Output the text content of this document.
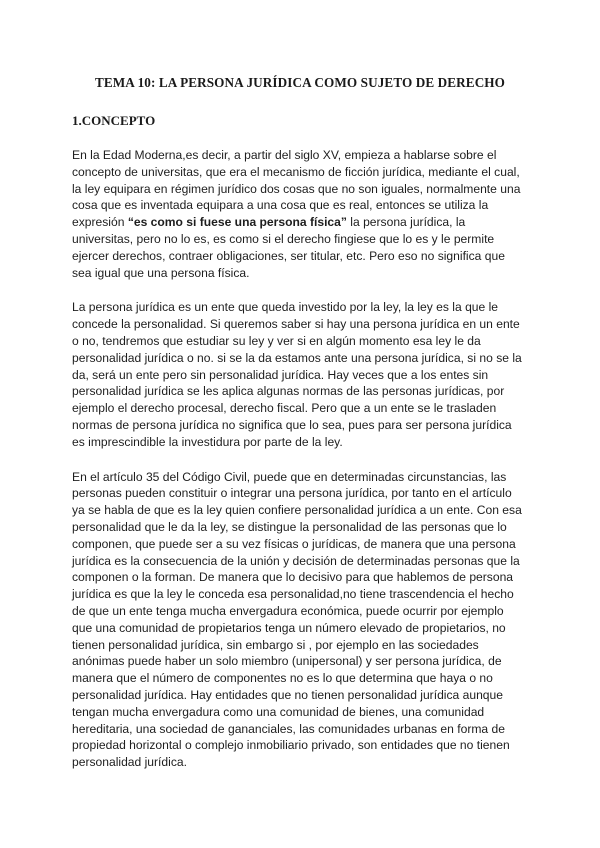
TEMA 10: LA PERSONA JURÍDICA COMO SUJETO DE DERECHO
1.CONCEPTO

En la Edad Moderna,es decir, a partir del siglo XV, empieza a hablarse sobre el
concepto de universitas, que era el mecanismo de ficción jurídica, mediante el cual,
la ley equipara en régimen jurídico dos cosas que no son iguales, normalmente una
cosa que es inventada equipara a una cosa que es real, entonces se utiliza la
expresión “es como si fuese una persona física” la persona jurídica, la
universitas, pero no lo es, es como si el derecho fingiese que lo es y le permite
ejercer derechos, contraer obligaciones, ser titular, etc. Pero eso no significa que
sea igual que una persona física.

La persona jurídica es un ente que queda investido por la ley, la ley es la que le
concede la personalidad. Si queremos saber si hay una persona jurídica en un ente
o no, tendremos que estudiar su ley y ver si en algún momento esa ley le da
personalidad jurídica o no. si se la da estamos ante una persona jurídica, si no se la
da, será un ente pero sin personalidad jurídica. Hay veces que a los entes sin
personalidad jurídica se les aplica algunas normas de las personas jurídicas, por
ejemplo el derecho procesal, derecho fiscal. Pero que a un ente se le trasladen
normas de persona jurídica no significa que lo sea, pues para ser persona jurídica
es imprescindible la investidura por parte de la ley.

En el artículo 35 del Código Civil, puede que en determinadas circunstancias, las
personas pueden constituir o integrar una persona jurídica, por tanto en el artículo
ya se habla de que es la ley quien confiere personalidad jurídica a un ente. Con esa
personalidad que le da la ley, se distingue la personalidad de las personas que lo
componen, que puede ser a su vez físicas o jurídicas, de manera que una persona
jurídica es la consecuencia de la unión y decisión de determinadas personas que la
componen o la forman. De manera que lo decisivo para que hablemos de persona
jurídica es que la ley le conceda esa personalidad,no tiene trascendencia el hecho
de que un ente tenga mucha envergadura económica, puede ocurrir por ejemplo
que una comunidad de propietarios tenga un número elevado de propietarios, no
tienen personalidad jurídica, sin embargo si , por ejemplo en las sociedades
anónimas puede haber un solo miembro (unipersonal) y ser persona jurídica, de
manera que el número de componentes no es lo que determina que haya o no
personalidad jurídica. Hay entidades que no tienen personalidad jurídica aunque
tengan mucha envergadura como una comunidad de bienes, una comunidad
hereditaria, una sociedad de gananciales, las comunidades urbanas en forma de
propiedad horizontal o complejo inmobiliario privado, son entidades que no tienen
personalidad jurídica.
